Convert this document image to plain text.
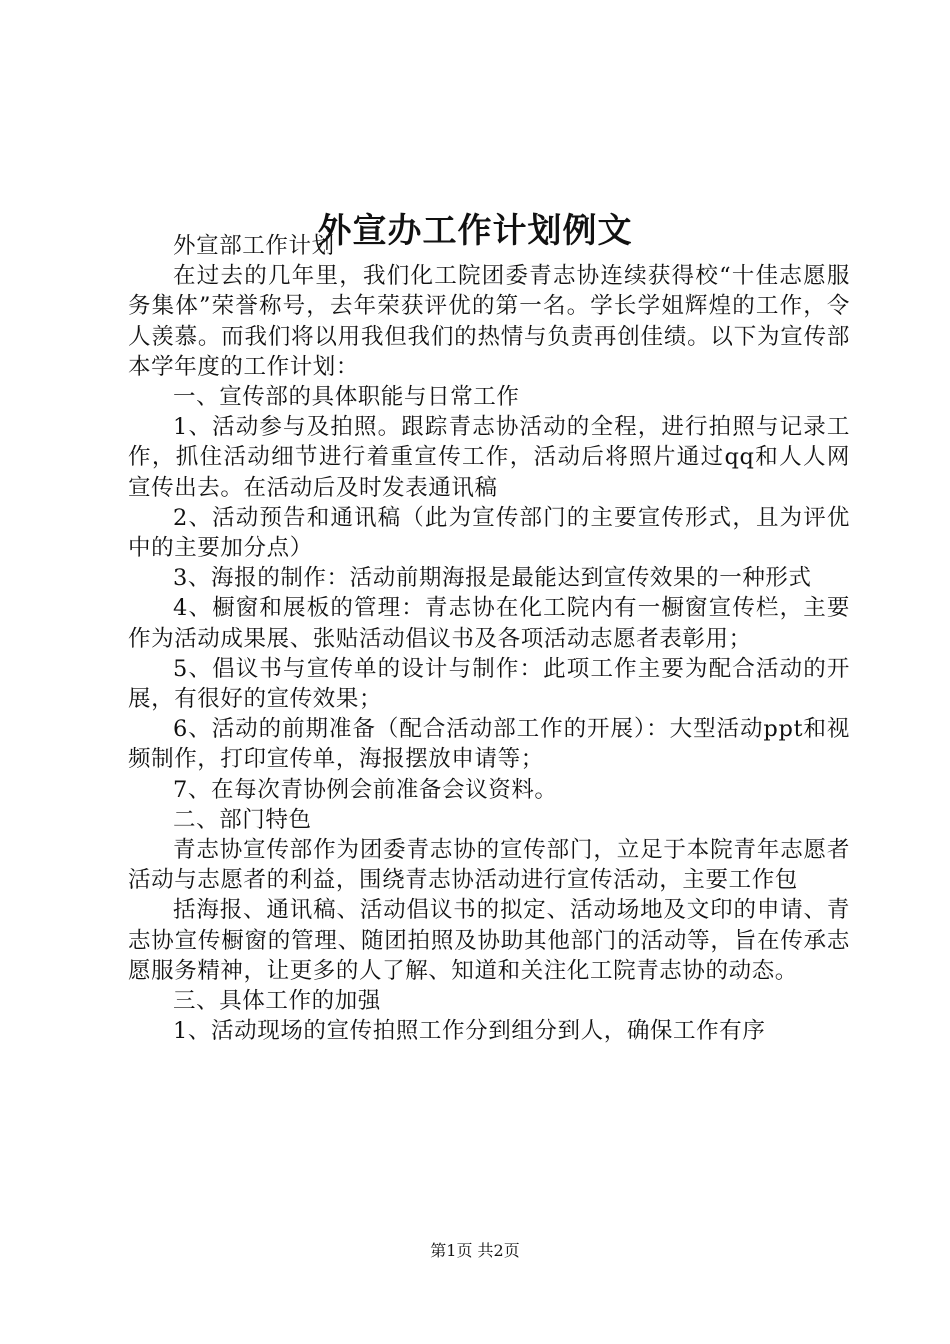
外宣办工作计划例文

外宣部工作计划

在过去的几年里，我们化工院团委青志协连续获得校“十佳志愿服务集体”荣誉称号，去年荣获评优的第一名。学长学姐辉煌的工作，令人羡慕。而我们将以用我但我们的热情与负责再创佳绩。以下为宣传部本学年度的工作计划：

一、宣传部的具体职能与日常工作

1、活动参与及拍照。跟踪青志协活动的全程，进行拍照与记录工作，抓住活动细节进行着重宣传工作，活动后将照片通过qq和人人网宣传出去。在活动后及时发表通讯稿

2、活动预告和通讯稿（此为宣传部门的主要宣传形式，且为评优中的主要加分点）

3、海报的制作：活动前期海报是最能达到宣传效果的一种形式

4、橱窗和展板的管理：青志协在化工院内有一橱窗宣传栏，主要作为活动成果展、张贴活动倡议书及各项活动志愿者表彰用；

5、倡议书与宣传单的设计与制作：此项工作主要为配合活动的开展，有很好的宣传效果；

6、活动的前期准备（配合活动部工作的开展）：大型活动ppt和视频制作，打印宣传单，海报摆放申请等；

7、在每次青协例会前准备会议资料。

二、部门特色

青志协宣传部作为团委青志协的宣传部门，立足于本院青年志愿者活动与志愿者的利益，围绕青志协活动进行宣传活动，主要工作包

括海报、通讯稿、活动倡议书的拟定、活动场地及文印的申请、青志协宣传橱窗的管理、随团拍照及协助其他部门的活动等，旨在传承志愿服务精神，让更多的人了解、知道和关注化工院青志协的动态。

三、具体工作的加强

1、活动现场的宣传拍照工作分到组分到人，确保工作有序

第1页 共2页
